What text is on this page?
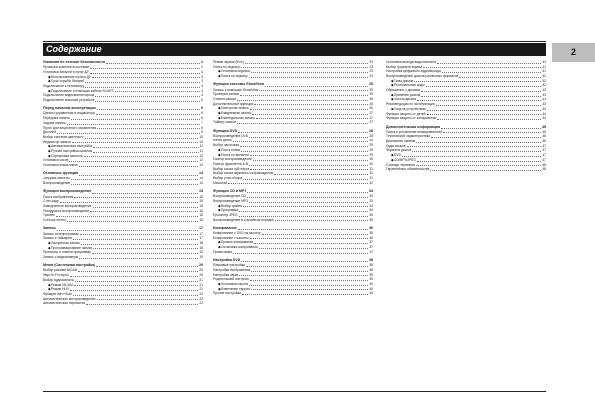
Содержание	2
Указания по технике безопасности	2
Проверка комплекта поставки	2
Установка батарей в пульт ДУ	3
◆ Использование пульта ДУ	3
◆ Срок службы батарей	3
Подключение к телевизору	4
◆ Подключение с помощью кабеля SCART	4
Подключение видеомагнитофона	4
Подключение внешних устройств	5
Перед началом эксплуатации	6
Органы управления и индикаторы	6
Передняя панель	6
Задняя панель	7
Пульт дистанционного управления	8
Дисплей	9
Выбор системы цветности	10
Индикатор записи	10
◆ Автоматическая настройка	11
◆ Ручная настройка каналов	11
◆ Сортировка каналов	12
Установка часов	12
Установка языка меню	13
Основные функции	14
Загрузка кассеты	14
Воспроизведение	14
Функции воспроизведения	15
Поиск изображения	15
Стоп-кадр	15
Замедленное воспроизведение	15
Покадровое воспроизведение	16
Трекинг	16
Счётчик ленты	16
Запись	17
Запись телепрограммы	17
Запись с таймером	17
◆ Ускоренная запись	18
◆ Программирование записи	18
Просмотр и отмена программы	19
Запись с видеокамеры	19
Меню (Системная настройка)	20
Выбор режима NICAM	20
Звук Hi-Fi стерео	20
Выбор аудиоканала	21
◆ Режим NICAM	21
◆ Режим Hi-Fi	21
Функция Intro Scan	22
Автоматическое воспроизведение	22
Автоматическая перемотка	22
Режим экрана (Фон)	23
Поиск по индексу	23
◆ Установка индекса	23
◆ Поиск по индексу	24
Функции системы ShowView	25
Запись с помощью ShowView	25
Проверка записи	25
Отмена записи	26
Дополнительные функции	26
◆ Повторная запись	26
◆ Ежедневная запись	27
◆ Еженедельная запись	27
Таймер записи	27
Функции DVD	28
Воспроизведение DVD	28
Меню диска	28
Выбор заголовка	29
◆ Поиск главы	29
◆ Поиск по времени	29
Повтор воспроизведения	30
Повтор фрагмента A-B	30
Выбор языка субтитров	31
Выбор языка звукового сопровождения	31
Выбор угла обзора	31
Масштаб	32
Функции CD и MP3	33
Воспроизведение CD	33
Воспроизведение MP3	33
◆ Выбор файла	34
◆ Программа	34
Просмотр JPEG	35
Воспроизведение в случайном порядке	35
Копирование	36
Копирование с DVD на кассету	36
Копирование с кассеты	36
◆ Прямое копирование	37
◆ Остановка копирования	37
Примечания	37
Настройка DVD	38
Языковые настройки	38
Настройки изображения	38
Настройки звука	39
Родительский контроль	39
◆ Установка пароля	40
◆ Изменение пароля	40
Прочие настройки	40
Установка выхода видеосигнала	41
Выбор формата экрана	41
Настройка цифрового аудиовыхода	41
Воспроизведение дисков различных форматов	42
◆ Типы дисков	42
◆ Региональные коды	42
Обращение с дисками	43
◆ Хранение дисков	43
◆ Чистка дисков	43
Рекомендации по эксплуатации	43
◆ Уход за устройством	43
Функция защиты от детей	44
Функция защиты от копирования	44
Дополнительная информация	45
Поиск и устранение неисправностей	45
Технические характеристики	46
Диапазоны приёма	46
Коды языков	47
Форматы дисков	47
◆ DVD	47
◆ CD/MP3/JPEG	47
Словарь терминов	48
Гарантийные обязательства	48
